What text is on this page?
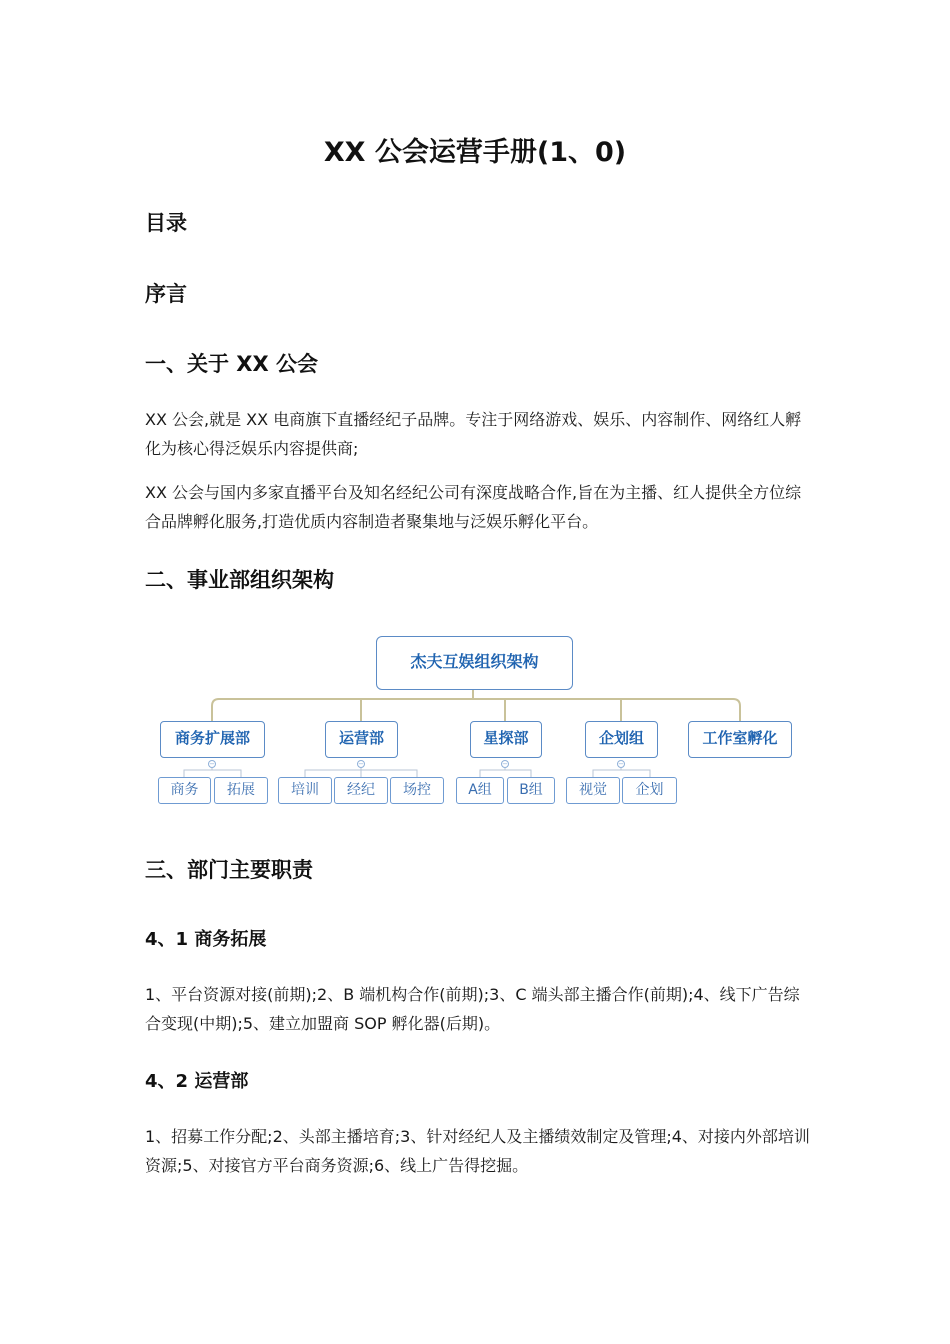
XX 公会运营手册(1、0)
目录
序言
一、关于 XX 公会
XX 公会,就是 XX 电商旗下直播经纪子品牌。专注于网络游戏、娱乐、内容制作、网络红人孵化为核心得泛娱乐内容提供商;
XX 公会与国内多家直播平台及知名经纪公司有深度战略合作,旨在为主播、红人提供全方位综合品牌孵化服务,打造优质内容制造者聚集地与泛娱乐孵化平台。
二、事业部组织架构
杰夫互娱组织架构
商务扩展部	运营部	星探部	企划组	工作室孵化
−	−	−	−
商务	拓展	培训	经纪	场控	A组	B组	视觉	企划
三、部门主要职责
4、1 商务拓展
1、平台资源对接(前期);2、B 端机构合作(前期);3、C 端头部主播合作(前期);4、线下广告综合变现(中期);5、建立加盟商 SOP 孵化器(后期)。
4、2 运营部
1、招募工作分配;2、头部主播培育;3、针对经纪人及主播绩效制定及管理;4、对接内外部培训资源;5、对接官方平台商务资源;6、线上广告得挖掘。
